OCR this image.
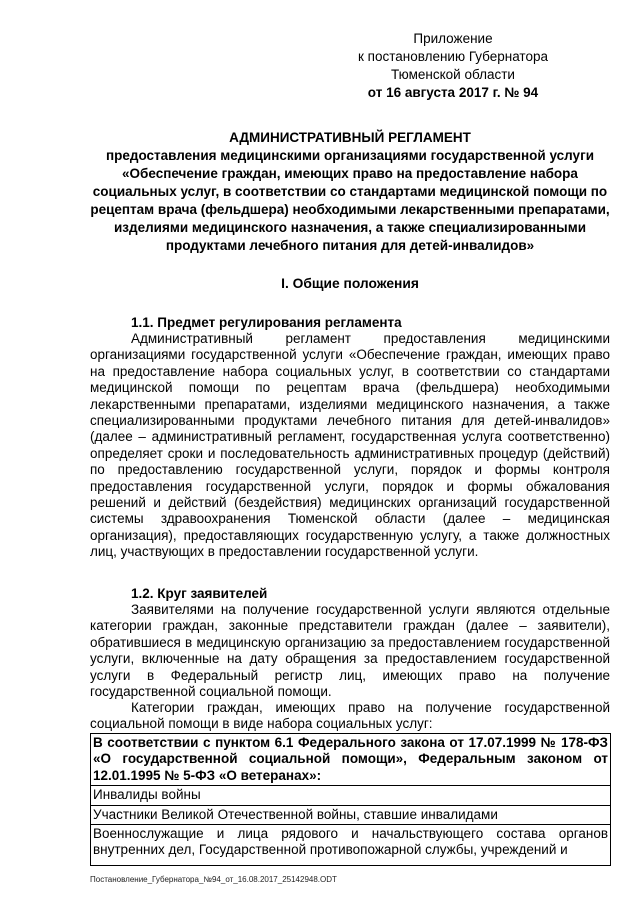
Приложение
к постановлению Губернатора
Тюменской области
от 16 августа 2017 г. № 94
АДМИНИСТРАТИВНЫЙ РЕГЛАМЕНТ
предоставления медицинскими организациями государственной услуги «Обеспечение граждан, имеющих право на предоставление набора социальных услуг, в соответствии со стандартами медицинской помощи по рецептам врача (фельдшера) необходимыми лекарственными препаратами, изделиями медицинского назначения, а также специализированными продуктами лечебного питания для детей-инвалидов»
I. Общие положения
1.1. Предмет регулирования регламента

Административный регламент предоставления медицинскими организациями государственной услуги «Обеспечение граждан, имеющих право на предоставление набора социальных услуг, в соответствии со стандартами медицинской помощи по рецептам врача (фельдшера) необходимыми лекарственными препаратами, изделиями медицинского назначения, а также специализированными продуктами лечебного питания для детей-инвалидов» (далее – административный регламент, государственная услуга соответственно) определяет сроки и последовательность административных процедур (действий) по предоставлению государственной услуги, порядок и формы контроля предоставления государственной услуги, порядок и формы обжалования решений и действий (бездействия) медицинских организаций государственной системы здравоохранения Тюменской области (далее – медицинская организация), предоставляющих государственную услугу, а также должностных лиц, участвующих в предоставлении государственной услуги.

1.2. Круг заявителей

Заявителями на получение государственной услуги являются отдельные категории граждан, законные представители граждан (далее – заявители), обратившиеся в медицинскую организацию за предоставлением государственной услуги, включенные на дату обращения за предоставлением государственной услуги в Федеральный регистр лиц, имеющих право на получение государственной социальной помощи.

Категории граждан, имеющих право на получение государственной социальной помощи в виде набора социальных услуг:

В соответствии с пунктом 6.1 Федерального закона от 17.07.1999 № 178-ФЗ «О государственной социальной помощи», Федеральным законом от 12.01.1995 № 5-ФЗ «О ветеранах»:
Инвалиды войны
Участники Великой Отечественной войны, ставшие инвалидами

Военнослужащие и лица рядового и начальствующего состава органов внутренних дел, Государственной противопожарной службы, учреждений и
Постановление_Губернатора_№94_от_16.08.2017_25142948.ODT
